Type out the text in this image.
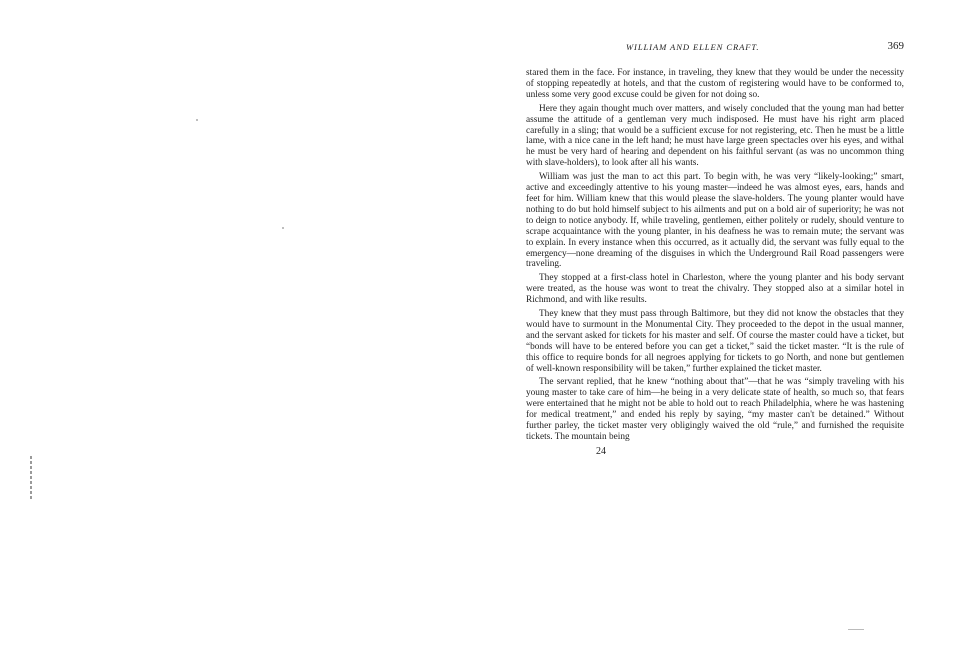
WILLIAM AND ELLEN CRAFT.	369

stared them in the face. For instance, in traveling, they knew that they would be under the necessity of stopping repeatedly at hotels, and that the custom of registering would have to be conformed to, unless some very good excuse could be given for not doing so.

Here they again thought much over matters, and wisely concluded that the young man had better assume the attitude of a gentleman very much indisposed. He must have his right arm placed carefully in a sling; that would be a sufficient excuse for not registering, etc. Then he must be a little lame, with a nice cane in the left hand; he must have large green spectacles over his eyes, and withal he must be very hard of hearing and dependent on his faithful servant (as was no uncommon thing with slave-holders), to look after all his wants.

William was just the man to act this part. To begin with, he was very “likely-looking;” smart, active and exceedingly attentive to his young master—indeed he was almost eyes, ears, hands and feet for him. William knew that this would please the slave-holders. The young planter would have nothing to do but hold himself subject to his ailments and put on a bold air of superiority; he was not to deign to notice anybody. If, while traveling, gentlemen, either politely or rudely, should venture to scrape acquaintance with the young planter, in his deafness he was to remain mute; the servant was to explain. In every instance when this occurred, as it actually did, the servant was fully equal to the emergency—none dreaming of the disguises in which the Underground Rail Road passengers were traveling.

They stopped at a first-class hotel in Charleston, where the young planter and his body servant were treated, as the house was wont to treat the chivalry. They stopped also at a similar hotel in Richmond, and with like results.

They knew that they must pass through Baltimore, but they did not know the obstacles that they would have to surmount in the Monumental City. They proceeded to the depot in the usual manner, and the servant asked for tickets for his master and self. Of course the master could have a ticket, but “bonds will have to be entered before you can get a ticket,” said the ticket master. “It is the rule of this office to require bonds for all negroes applying for tickets to go North, and none but gentlemen of well-known responsibility will be taken,” further explained the ticket master.

The servant replied, that he knew “nothing about that”—that he was “simply traveling with his young master to take care of him—he being in a very delicate state of health, so much so, that fears were entertained that he might not be able to hold out to reach Philadelphia, where he was hastening for medical treatment,” and ended his reply by saying, “my master can't be detained.” Without further parley, the ticket master very obligingly waived the old “rule,” and furnished the requisite tickets. The mountain being

24
